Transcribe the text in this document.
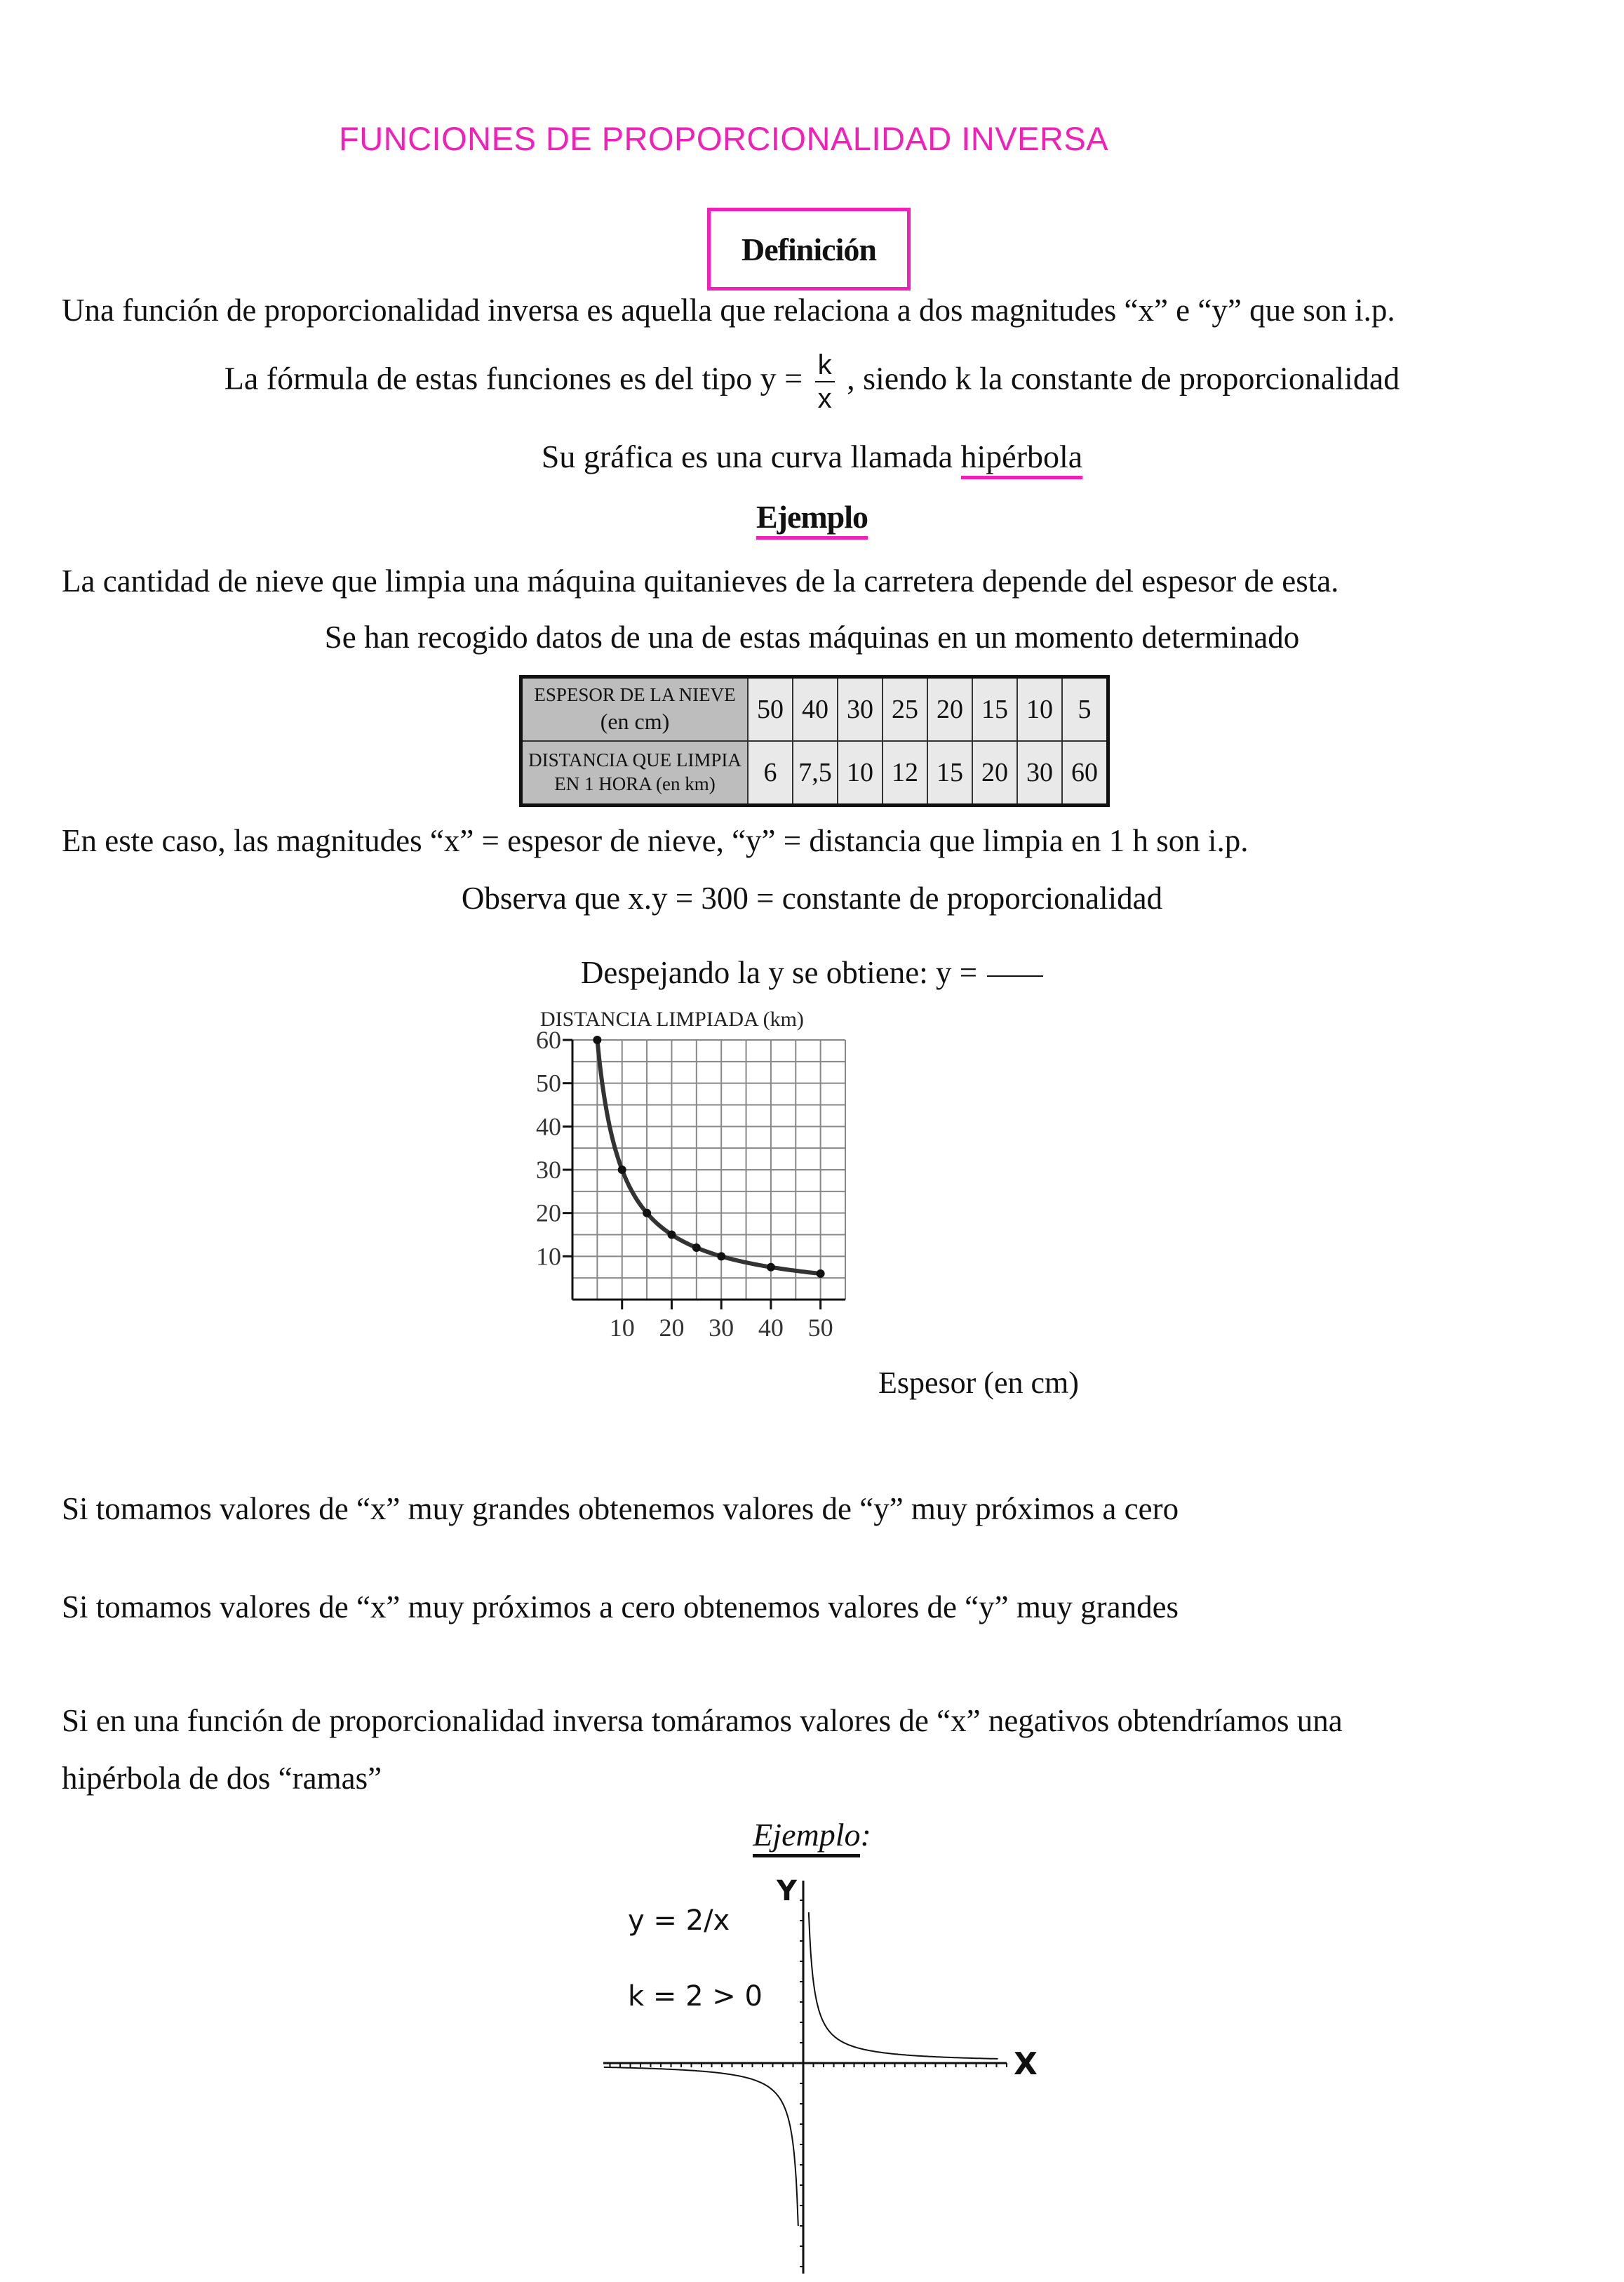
FUNCIONES DE PROPORCIONALIDAD INVERSA
Definición
Una función de proporcionalidad inversa es aquella que relaciona a dos magnitudes “x” e “y” que son i.p.
La fórmula de estas funciones es del tipo $y = \frac{k}{x}$ , siendo k la constante de proporcionalidad
Su gráfica es una curva llamada hipérbola
Ejemplo
La cantidad de nieve que limpia una máquina quitanieves de la carretera depende del espesor de esta.
Se han recogido datos de una de estas máquinas en un momento determinado
ESPESOR DE LA NIEVE
(en cm)	50	40	30	25	20	15	10	5

DISTANCIA QUE LIMPIA
EN 1 HORA (en km)	6	7,5	10	12	15	20	30	60
En este caso, las magnitudes “x” = espesor de nieve, “y” = distancia que limpia en 1 h son i.p.
Observa que x.y = 300 = constante de proporcionalidad
Despejando la y se obtiene: y =
10
20
30
40
50
60
10 20 30 40 50
DISTANCIA LIMPIADA (km)
Espesor (en cm)
Si tomamos valores de “x” muy grandes obtenemos valores de “y” muy próximos a cero
Si tomamos valores de “x” muy próximos a cero obtenemos valores de “y” muy grandes
Si en una función de proporcionalidad inversa tomáramos valores de “x” negativos obtendríamos una
hipérbola de dos “ramas”
Ejemplo:
Y
X
y = 2/x
k = 2 > 0
